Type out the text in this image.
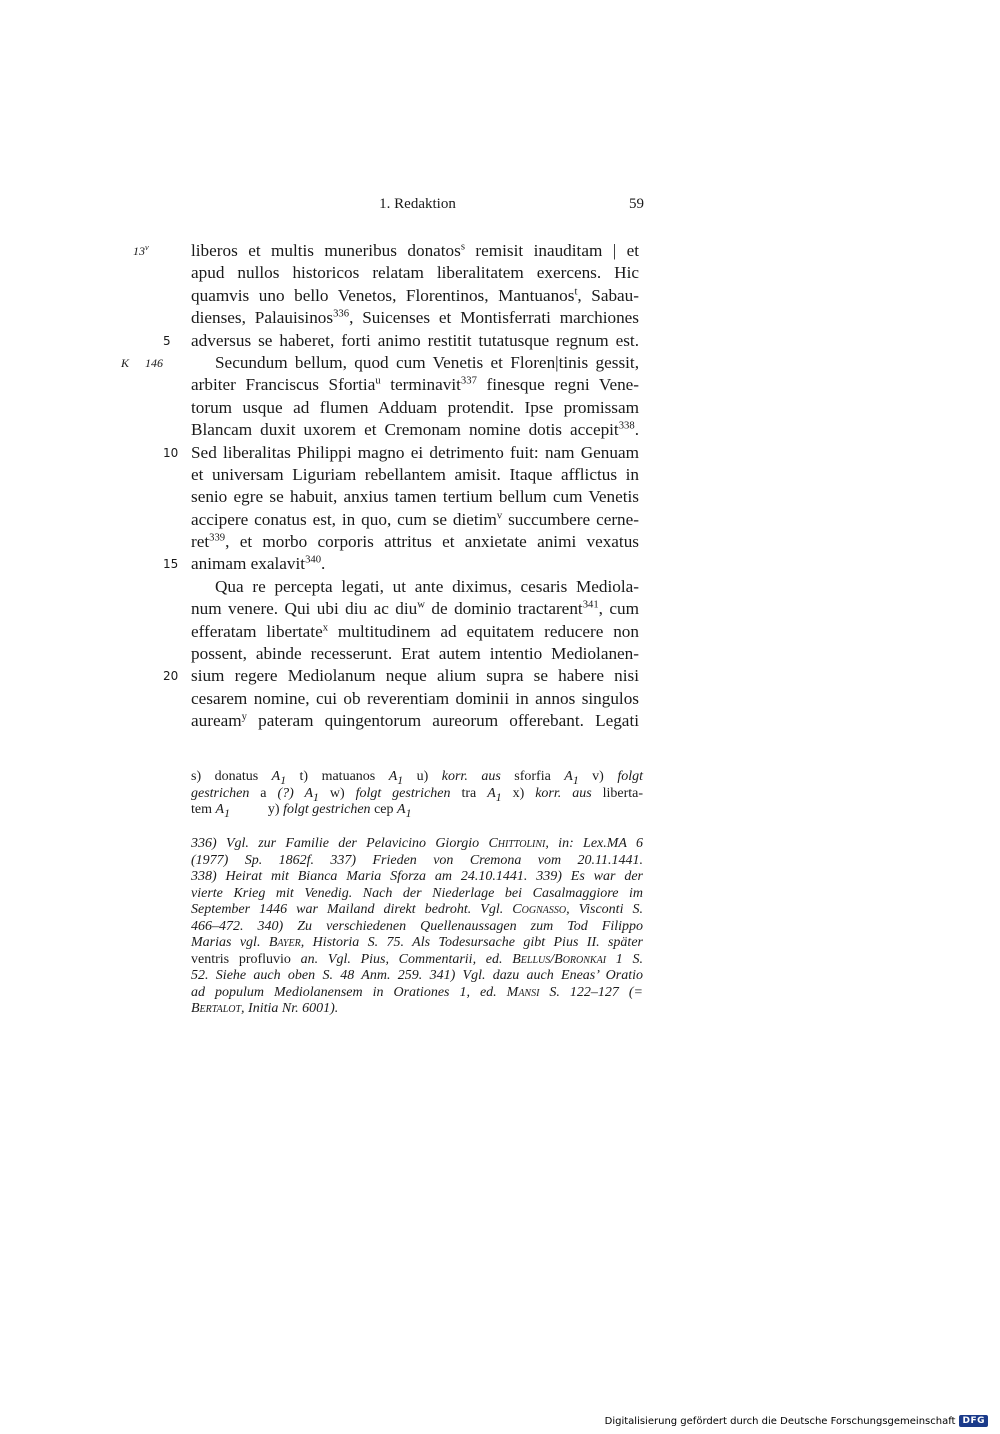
1. Redaktion	59
13$^v$	liberos et multis muneribus donatos$^s$ remisit inauditam | et
apud nullos historicos relatam liberalitatem exercens. Hic
quamvis uno bello Venetos, Florentinos, Mantuanos$^t$, Sabau-
dienses, Palauisinos$^{336}$, Suicenses et Montisferrati marchiones
5	adversus se haberet, forti animo restitit tutatusque regnum est.
K 146	Secundum bellum, quod cum Venetis et Floren|tinis gessit,
arbiter Franciscus Sfortia$^u$ terminavit$^{337}$ finesque regni Vene-
torum usque ad flumen Adduam protendit. Ipse promissam
Blancam duxit uxorem et Cremonam nomine dotis accepit$^{338}$.
10 Sed liberalitas Philippi magno ei detrimento fuit: nam Genuam
et universam Liguriam rebellantem amisit. Itaque afflictus in
senio egre se habuit, anxius tamen tertium bellum cum Venetis
accipere conatus est, in quo, cum se dietim$^v$ succumbere cerne-
ret$^{339}$, et morbo corporis attritus et anxietate animi vexatus
15 animam exalavit$^{340}$.
Qua re percepta legati, ut ante diximus, cesaris Mediola-
num venere. Qui ubi diu ac diu$^w$ de dominio tractarent$^{341}$, cum
efferatam libertate$^x$ multitudinem ad equitatem reducere non
possent, abinde recesserunt. Erat autem intentio Mediolanen-
20 sium regere Mediolanum neque alium supra se habere nisi
cesarem nomine, cui ob reverentiam dominii in annos singulos
auream$^y$ pateram quingentorum aureorum offerebant. Legati
s) donatus $A_1$ t) matuanos $A_1$ u) korr. aus sforfia $A_1$ v) folgt
gestrichen a (?) $A_1$ w) folgt gestrichen tra $A_1$ x) korr. aus liberta-
tem $A_1$	y) folgt gestrichen cep $A_1$
336) Vgl. zur Familie der Pelavicino Giorgio Chittolini, in: Lex.MA 6
(1977) Sp. 1862f. 337) Frieden von Cremona vom 20.11.1441.
338) Heirat mit Bianca Maria Sforza am 24.10.1441. 339) Es war der
vierte Krieg mit Venedig. Nach der Niederlage bei Casalmaggiore im
September 1446 war Mailand direkt bedroht. Vgl. Cognasso, Visconti S.
466–472. 340) Zu verschiedenen Quellenaussagen zum Tod Filippo
Marias vgl. Bayer, Historia S. 75. Als Todesursache gibt Pius II. später
ventris profluvio an. Vgl. Pius, Commentarii, ed. Bellus/Boronkai 1 S.
52. Siehe auch oben S. 48 Anm. 259. 341) Vgl. dazu auch Eneas’ Oratio
ad populum Mediolanensem in Orationes 1, ed. Mansi S. 122–127 (=
Bertalot, Initia Nr. 6001).
Digitalisierung gefördert durch die Deutsche Forschungsgemeinschaft DFG
